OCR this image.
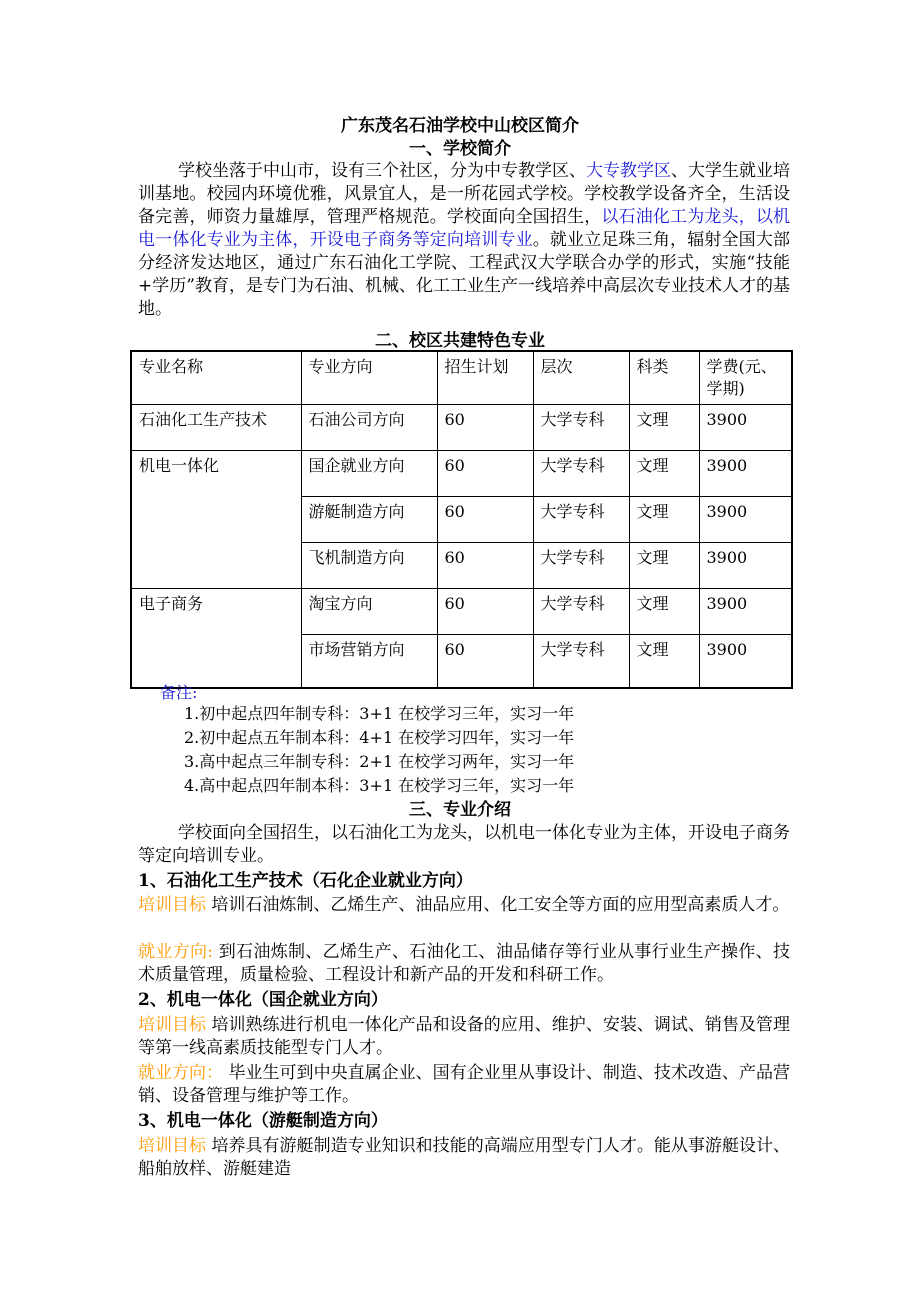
广东茂名石油学校中山校区简介
一、学校简介
学校坐落于中山市，设有三个社区，分为中专教学区、大专教学区、大学生就业培训基地。校园内环境优雅，风景宜人，是一所花园式学校。学校教学设备齐全，生活设备完善，师资力量雄厚，管理严格规范。学校面向全国招生，以石油化工为龙头，以机电一体化专业为主体，开设电子商务等定向培训专业。就业立足珠三角，辐射全国大部分经济发达地区，通过广东石油化工学院、工程武汉大学联合办学的形式，实施“技能+学历”教育，是专门为石油、机械、化工工业生产一线培养中高层次专业技术人才的基地。
二、校区共建特色专业
专业名称	专业方向	招生计划	层次	科类	学费(元、学期)
石油化工生产技术	石油公司方向	60	大学专科	文理	3900
机电一体化	国企就业方向	60	大学专科	文理	3900
	游艇制造方向	60	大学专科	文理	3900
	飞机制造方向	60	大学专科	文理	3900
电子商务	淘宝方向	60	大学专科	文理	3900
	市场营销方向	60	大学专科	文理	3900
备注:
1.初中起点四年制专科：3+1 在校学习三年，实习一年
2.初中起点五年制本科：4+1 在校学习四年，实习一年
3.高中起点三年制专科：2+1 在校学习两年，实习一年
4.高中起点四年制本科：3+1 在校学习三年，实习一年
三、专业介绍
学校面向全国招生，以石油化工为龙头，以机电一体化专业为主体，开设电子商务等定向培训专业。
1、石油化工生产技术（石化企业就业方向）
培训目标 培训石油炼制、乙烯生产、油品应用、化工安全等方面的应用型高素质人才。
就业方向: 到石油炼制、乙烯生产、石油化工、油品储存等行业从事行业生产操作、技术质量管理，质量检验、工程设计和新产品的开发和科研工作。
2、机电一体化（国企就业方向）
培训目标 培训熟练进行机电一体化产品和设备的应用、维护、安装、调试、销售及管理等第一线高素质技能型专门人才。
就业方向： 毕业生可到中央直属企业、国有企业里从事设计、制造、技术改造、产品营销、设备管理与维护等工作。
3、机电一体化（游艇制造方向）
培训目标 培养具有游艇制造专业知识和技能的高端应用型专门人才。能从事游艇设计、船舶放样、游艇建造
